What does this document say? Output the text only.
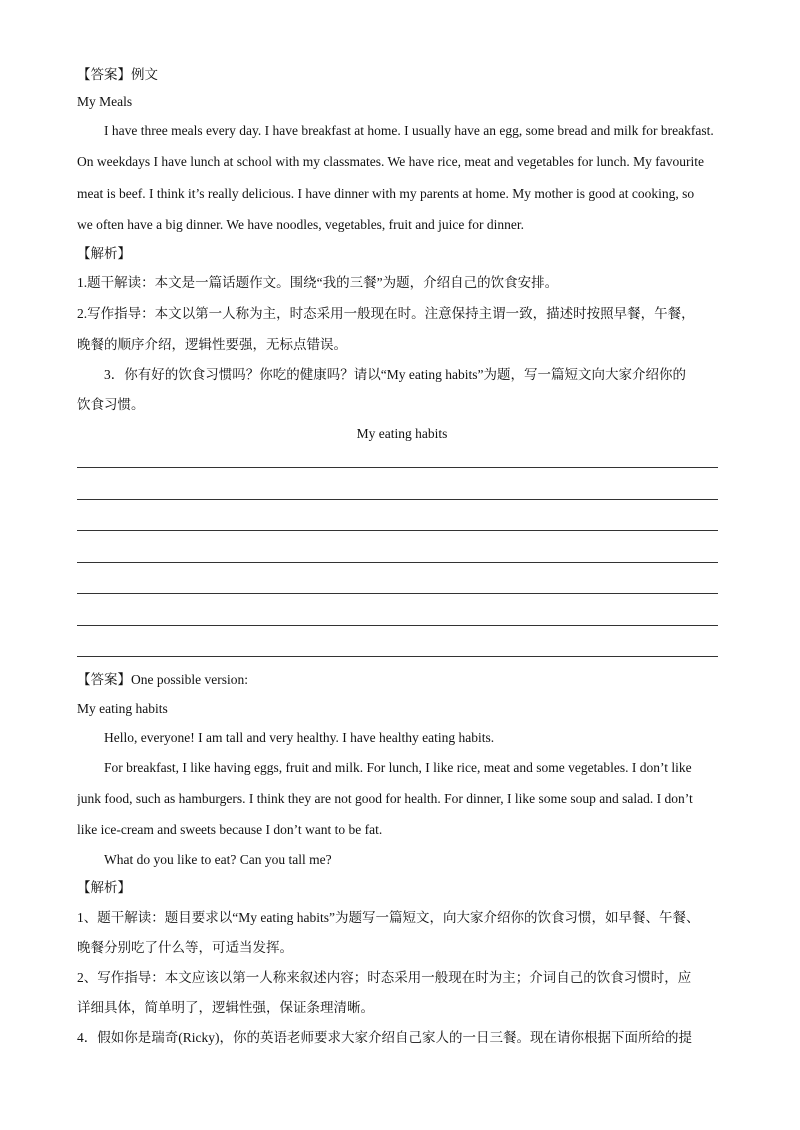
【答案】例文
My Meals
I have three meals every day. I have breakfast at home. I usually have an egg, some bread and milk for breakfast.
On weekdays I have lunch at school with my classmates. We have rice, meat and vegetables for lunch. My favourite
meat is beef. I think it’s really delicious. I have dinner with my parents at home. My mother is good at cooking, so
we often have a big dinner. We have noodles, vegetables, fruit and juice for dinner.
【解析】
1.题干解读：本文是一篇话题作文。围绕“我的三餐”为题，介绍自己的饮食安排。
2.写作指导：本文以第一人称为主，时态采用一般现在时。注意保持主谓一致，描述时按照早餐，午餐，
晚餐的顺序介绍，逻辑性要强，无标点错误。
3．你有好的饮食习惯吗？你吃的健康吗？请以“My eating habits”为题，写一篇短文向大家介绍你的
饮食习惯。
My eating habits
【答案】One possible version:
My eating habits
Hello, everyone! I am tall and very healthy. I have healthy eating habits.
For breakfast, I like having eggs, fruit and milk. For lunch, I like rice, meat and some vegetables. I don’t like
junk food, such as hamburgers. I think they are not good for health. For dinner, I like some soup and salad. I don’t
like ice-cream and sweets because I don’t want to be fat.
What do you like to eat? Can you tall me?
【解析】
1、题干解读：题目要求以“My eating habits”为题写一篇短文，向大家介绍你的饮食习惯，如早餐、午餐、
晚餐分别吃了什么等，可适当发挥。
2、写作指导：本文应该以第一人称来叙述内容；时态采用一般现在时为主；介词自己的饮食习惯时，应
详细具体，简单明了，逻辑性强，保证条理清晰。
4．假如你是瑞奇(Ricky)，你的英语老师要求大家介绍自己家人的一日三餐。现在请你根据下面所给的提
